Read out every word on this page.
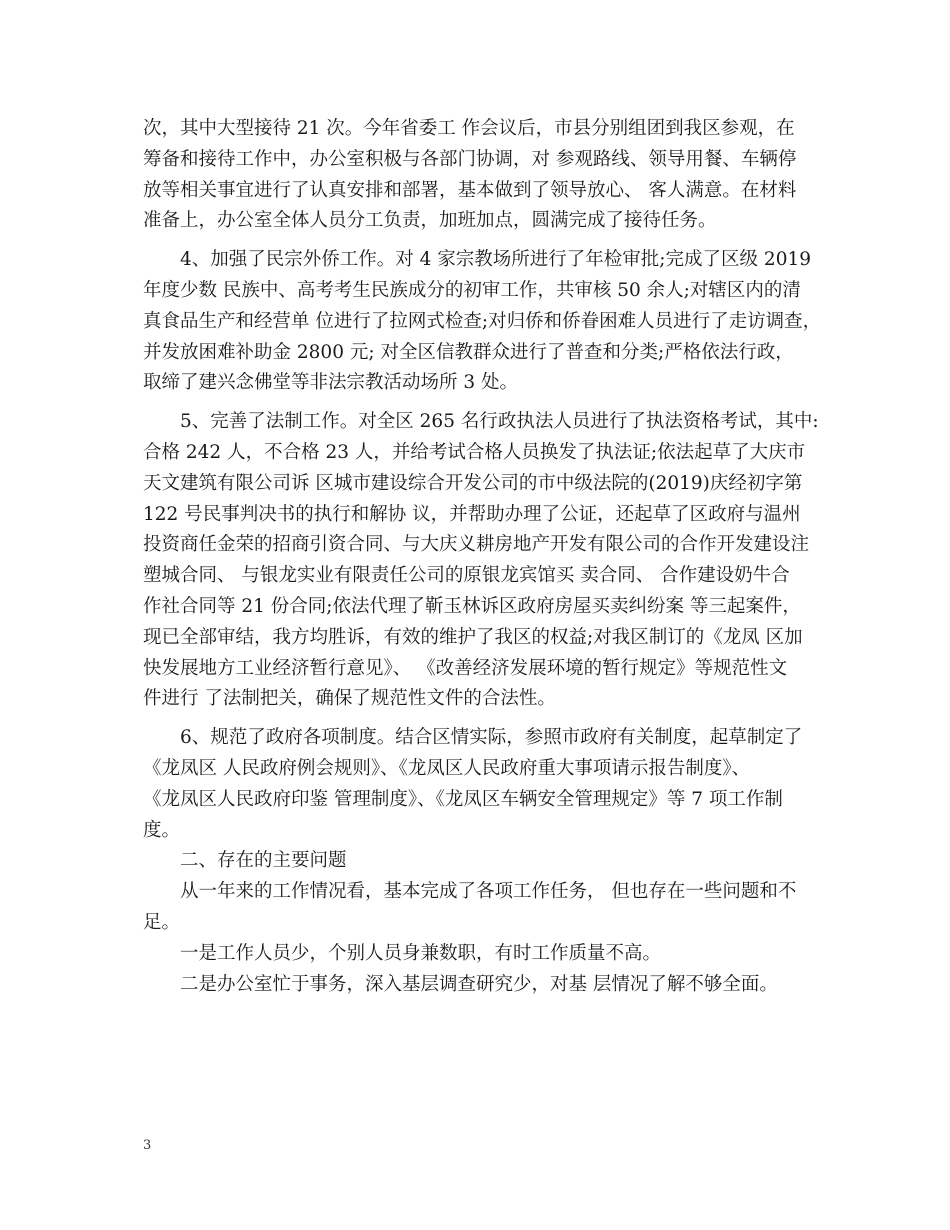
次，其中大型接待 21 次。今年省委工 作会议后，市县分别组团到我区参观，在
筹备和接待工作中，办公室积极与各部门协调，对 参观路线、领导用餐、车辆停
放等相关事宜进行了认真安排和部署，基本做到了领导放心、 客人满意。在材料
准备上，办公室全体人员分工负责，加班加点，圆满完成了接待任务。
　　4、加强了民宗外侨工作。对 4 家宗教场所进行了年检审批;完成了区级 2019
年度少数 民族中、高考考生民族成分的初审工作，共审核 50 余人;对辖区内的清
真食品生产和经营单 位进行了拉网式检查;对归侨和侨眷困难人员进行了走访调查，
并发放困难补助金 2800 元; 对全区信教群众进行了普查和分类;严格依法行政，
取缔了建兴念佛堂等非法宗教活动场所 3 处。
　　5、完善了法制工作。对全区 265 名行政执法人员进行了执法资格考试，其中:
合格 242 人，不合格 23 人，并给考试合格人员换发了执法证;依法起草了大庆市
天文建筑有限公司诉 区城市建设综合开发公司的市中级法院的(2019)庆经初字第
122 号民事判决书的执行和解协 议，并帮助办理了公证，还起草了区政府与温州
投资商任金荣的招商引资合同、与大庆义耕房地产开发有限公司的合作开发建设注
塑城合同、 与银龙实业有限责任公司的原银龙宾馆买 卖合同、 合作建设奶牛合
作社合同等 21 份合同;依法代理了靳玉林诉区政府房屋买卖纠纷案 等三起案件，
现已全部审结，我方均胜诉，有效的维护了我区的权益;对我区制订的《龙凤 区加
快发展地方工业经济暂行意见》、 《改善经济发展环境的暂行规定》等规范性文
件进行 了法制把关，确保了规范性文件的合法性。
　　6、规范了政府各项制度。结合区情实际，参照市政府有关制度，起草制定了
《龙凤区 人民政府例会规则》、《龙凤区人民政府重大事项请示报告制度》、
《龙凤区人民政府印鉴 管理制度》、《龙凤区车辆安全管理规定》等 7 项工作制
度。
　　二、存在的主要问题
　　从一年来的工作情况看，基本完成了各项工作任务， 但也存在一些问题和不
足。
　　一是工作人员少，个别人员身兼数职，有时工作质量不高。
　　二是办公室忙于事务，深入基层调查研究少，对基 层情况了解不够全面。
3
